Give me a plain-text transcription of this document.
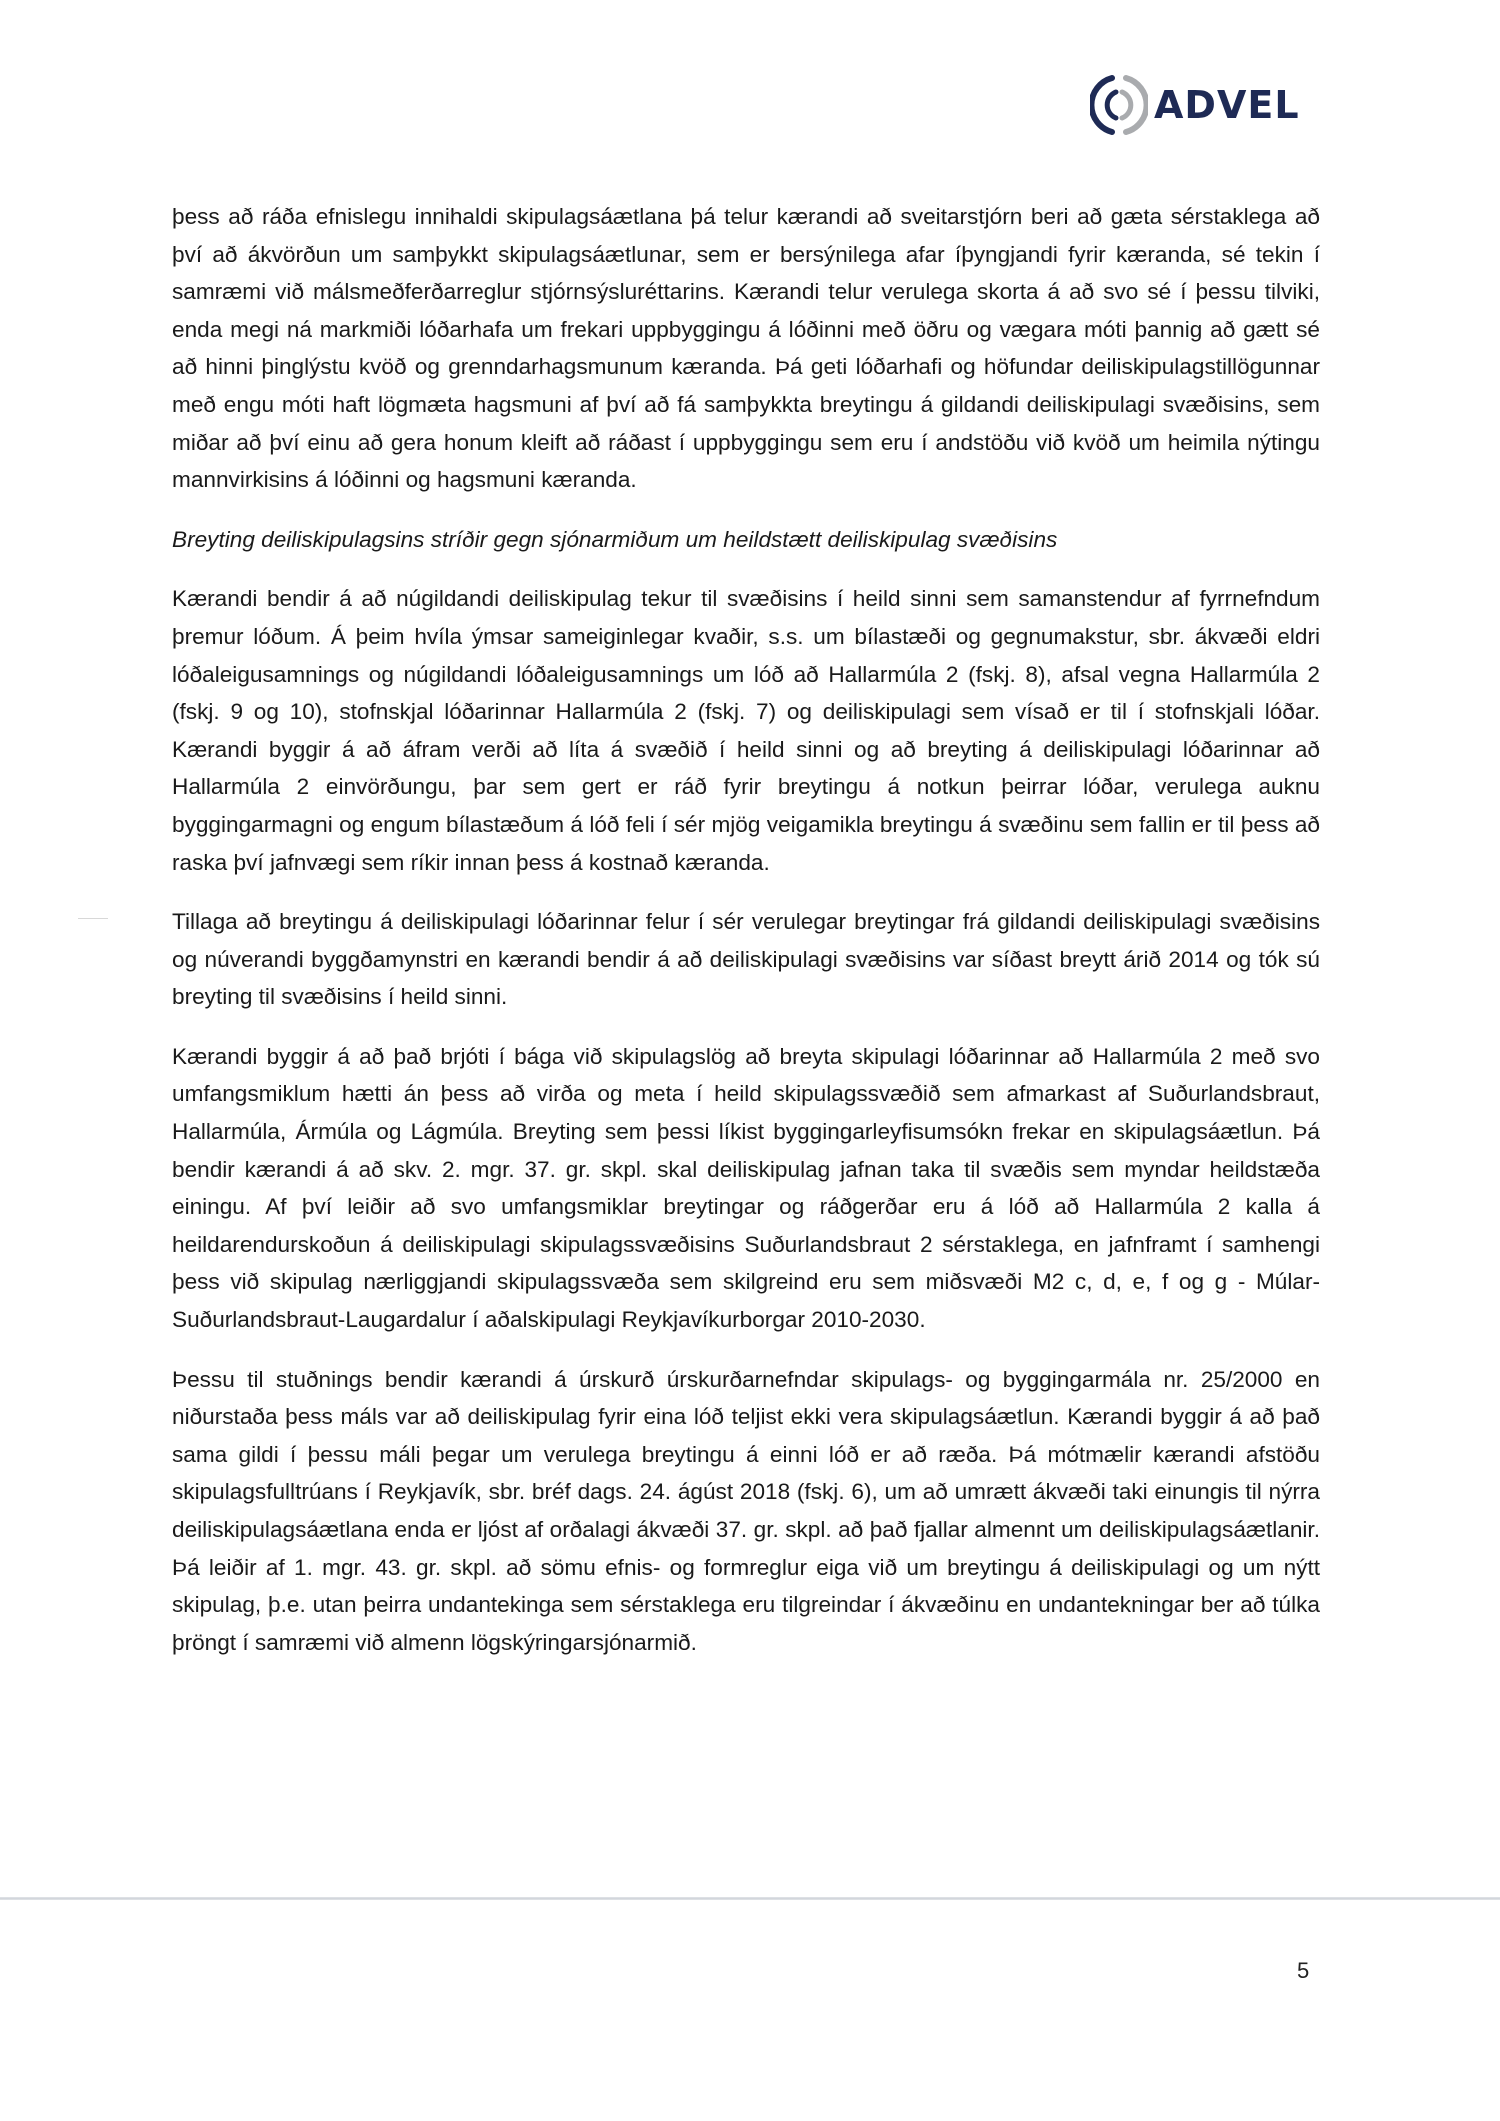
ADVEL

þess að ráða efnislegu innihaldi skipulagsáætlana þá telur kærandi að sveitarstjórn beri að gæta sérstaklega að því að ákvörðun um samþykkt skipulagsáætlunar, sem er bersýnilega afar íþyngjandi fyrir kæranda, sé tekin í samræmi við málsmeðferðarreglur stjórnsýsluréttarins. Kærandi telur verulega skorta á að svo sé í þessu tilviki, enda megi ná markmiði lóðarhafa um frekari uppbyggingu á lóðinni með öðru og vægara móti þannig að gætt sé að hinni þinglýstu kvöð og grenndarhagsmunum kæranda. Þá geti lóðarhafi og höfundar deiliskipulagstillögunnar með engu móti haft lögmæta hagsmuni af því að fá samþykkta breytingu á gildandi deiliskipulagi svæðisins, sem miðar að því einu að gera honum kleift að ráðast í uppbyggingu sem eru í andstöðu við kvöð um heimila nýtingu mannvirkisins á lóðinni og hagsmuni kæranda.

Breyting deiliskipulagsins stríðir gegn sjónarmiðum um heildstætt deiliskipulag svæðisins

Kærandi bendir á að núgildandi deiliskipulag tekur til svæðisins í heild sinni sem samanstendur af fyrrnefndum þremur lóðum. Á þeim hvíla ýmsar sameiginlegar kvaðir, s.s. um bílastæði og gegnumakstur, sbr. ákvæði eldri lóðaleigusamnings og núgildandi lóðaleigusamnings um lóð að Hallarmúla 2 (fskj. 8), afsal vegna Hallarmúla 2 (fskj. 9 og 10), stofnskjal lóðarinnar Hallarmúla 2 (fskj. 7) og deiliskipulagi sem vísað er til í stofnskjali lóðar. Kærandi byggir á að áfram verði að líta á svæðið í heild sinni og að breyting á deiliskipulagi lóðarinnar að Hallarmúla 2 einvörðungu, þar sem gert er ráð fyrir breytingu á notkun þeirrar lóðar, verulega auknu byggingarmagni og engum bílastæðum á lóð feli í sér mjög veigamikla breytingu á svæðinu sem fallin er til þess að raska því jafnvægi sem ríkir innan þess á kostnað kæranda.

Tillaga að breytingu á deiliskipulagi lóðarinnar felur í sér verulegar breytingar frá gildandi deiliskipulagi svæðisins og núverandi byggðamynstri en kærandi bendir á að deiliskipulagi svæðisins var síðast breytt árið 2014 og tók sú breyting til svæðisins í heild sinni.

Kærandi byggir á að það brjóti í bága við skipulagslög að breyta skipulagi lóðarinnar að Hallarmúla 2 með svo umfangsmiklum hætti án þess að virða og meta í heild skipulagssvæðið sem afmarkast af Suðurlandsbraut, Hallarmúla, Ármúla og Lágmúla. Breyting sem þessi líkist byggingarleyfisumsókn frekar en skipulagsáætlun. Þá bendir kærandi á að skv. 2. mgr. 37. gr. skpl. skal deiliskipulag jafnan taka til svæðis sem myndar heildstæða einingu. Af því leiðir að svo umfangsmiklar breytingar og ráðgerðar eru á lóð að Hallarmúla 2 kalla á heildarendurskoðun á deiliskipulagi skipulagssvæðisins Suðurlandsbraut 2 sérstaklega, en jafnframt í samhengi þess við skipulag nærliggjandi skipulagssvæða sem skilgreind eru sem miðsvæði M2 c, d, e, f og g - Múlar-Suðurlandsbraut-Laugardalur í aðalskipulagi Reykjavíkurborgar 2010-2030.

Þessu til stuðnings bendir kærandi á úrskurð úrskurðarnefndar skipulags- og byggingarmála nr. 25/2000 en niðurstaða þess máls var að deiliskipulag fyrir eina lóð teljist ekki vera skipulagsáætlun. Kærandi byggir á að það sama gildi í þessu máli þegar um verulega breytingu á einni lóð er að ræða. Þá mótmælir kærandi afstöðu skipulagsfulltrúans í Reykjavík, sbr. bréf dags. 24. ágúst 2018 (fskj. 6), um að umrætt ákvæði taki einungis til nýrra deiliskipulagsáætlana enda er ljóst af orðalagi ákvæði 37. gr. skpl. að það fjallar almennt um deiliskipulagsáætlanir. Þá leiðir af 1. mgr. 43. gr. skpl. að sömu efnis- og formreglur eiga við um breytingu á deiliskipulagi og um nýtt skipulag, þ.e. utan þeirra undantekinga sem sérstaklega eru tilgreindar í ákvæðinu en undantekningar ber að túlka þröngt í samræmi við almenn lögskýringarsjónarmið.

5
